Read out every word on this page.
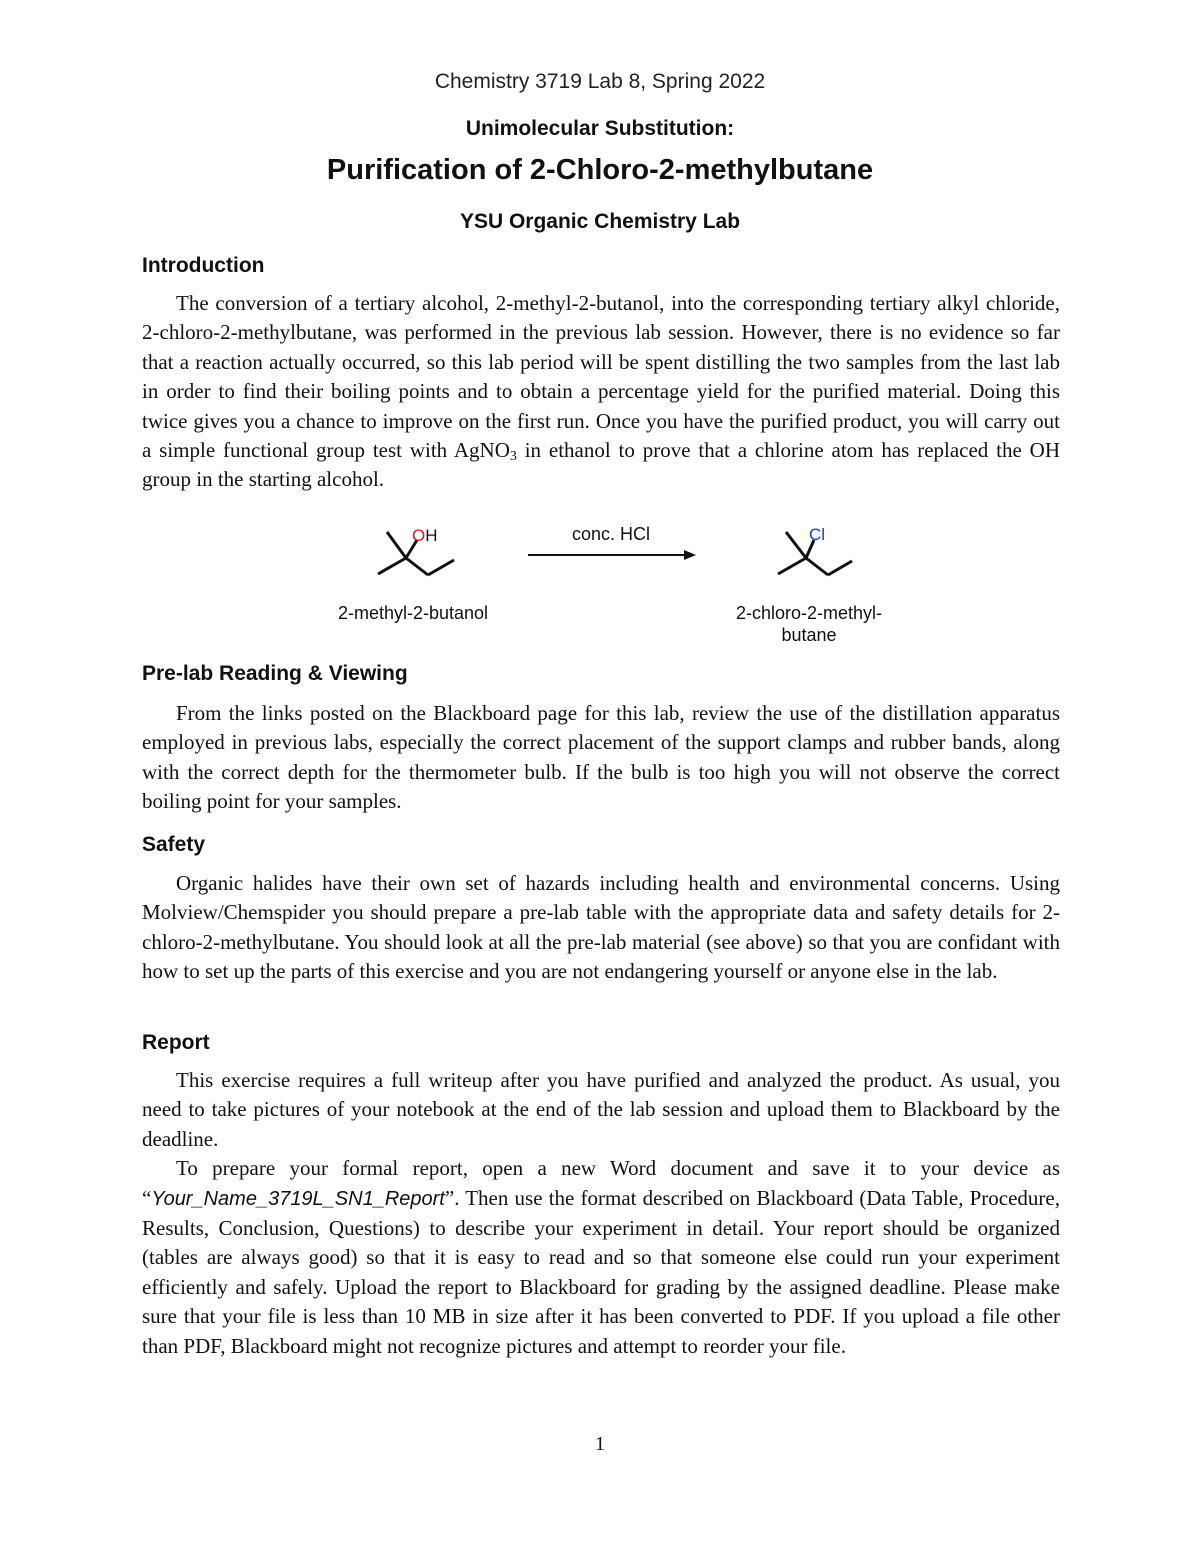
Chemistry 3719 Lab 8, Spring 2022
Unimolecular Substitution:
Purification of 2-Chloro-2-methylbutane
YSU Organic Chemistry Lab
Introduction
The conversion of a tertiary alcohol, 2-methyl-2-butanol, into the corresponding tertiary alkyl chloride, 2-chloro-2-methylbutane, was performed in the previous lab session. However, there is no evidence so far that a reaction actually occurred, so this lab period will be spent distilling the two samples from the last lab in order to find their boiling points and to obtain a percentage yield for the purified material. Doing this twice gives you a chance to improve on the first run. Once you have the purified product, you will carry out a simple functional group test with AgNO$_3$ in ethanol to prove that a chlorine atom has replaced the OH group in the starting alcohol.
OH	Cl
conc. HCl
2-methyl-2-butanol	2-chloro-2-methyl-
butane
Pre-lab Reading & Viewing
From the links posted on the Blackboard page for this lab, review the use of the distillation apparatus employed in previous labs, especially the correct placement of the support clamps and rubber bands, along with the correct depth for the thermometer bulb. If the bulb is too high you will not observe the correct boiling point for your samples.
Safety
Organic halides have their own set of hazards including health and environmental concerns. Using Molview/Chemspider you should prepare a pre-lab table with the appropriate data and safety details for 2-chloro-2-methylbutane. You should look at all the pre-lab material (see above) so that you are confidant with how to set up the parts of this exercise and you are not endangering yourself or anyone else in the lab.
Report

This exercise requires a full writeup after you have purified and analyzed the product. As usual, you need to take pictures of your notebook at the end of the lab session and upload them to Blackboard by the deadline.

To prepare your formal report, open a new Word document and save it to your device as “Your_Name_3719L_SN1_Report”. Then use the format described on Blackboard (Data Table, Procedure, Results, Conclusion, Questions) to describe your experiment in detail. Your report should be organized (tables are always good) so that it is easy to read and so that someone else could run your experiment efficiently and safely. Upload the report to Blackboard for grading by the assigned deadline. Please make sure that your file is less than 10 MB in size after it has been converted to PDF. If you upload a file other than PDF, Blackboard might not recognize pictures and attempt to reorder your file.

1
